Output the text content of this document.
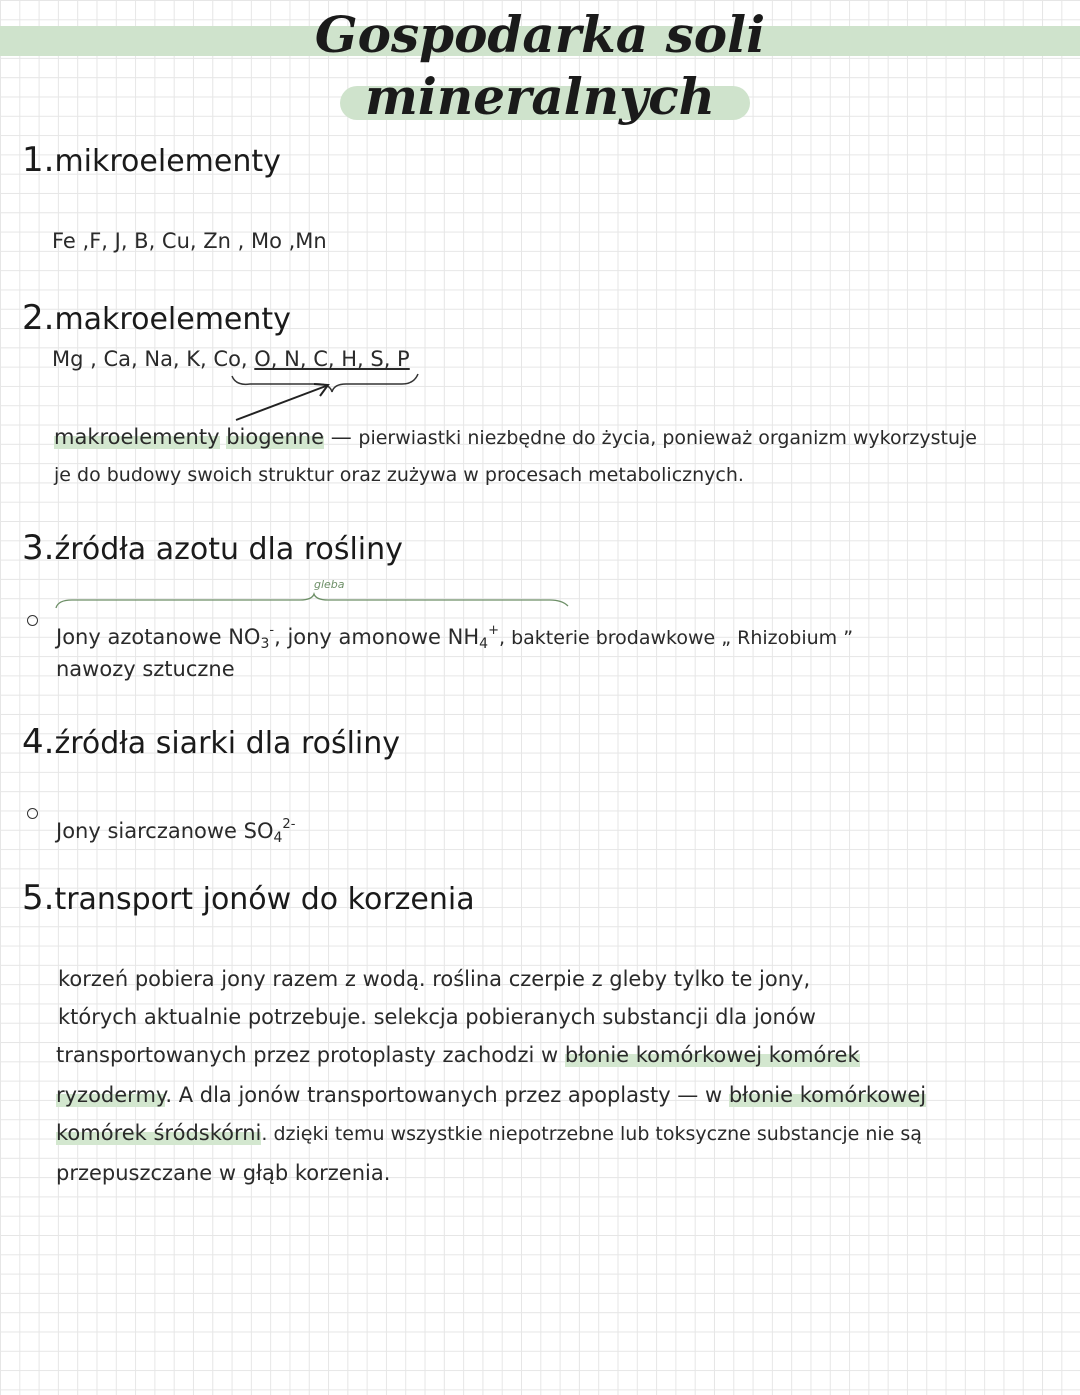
Gospodarka soli
mineralnych
1.mikroelementy
Fe ,F, J, B, Cu, Zn , Mo ,Mn
2.makroelementy
Mg , Ca, Na, K, Co, O, N, C, H, S, P
makroelementy biogenne — pierwiastki niezbędne do życia, ponieważ organizm wykorzystuje
je do budowy swoich struktur oraz zużywa w procesach metabolicznych.
3.źródła azotu dla rośliny
gleba
Jony azotanowe $NO_3^-$, jony amonowe $NH_4^+$, bakterie brodawkowe „ Rhizobium ”
nawozy sztuczne
4.źródła siarki dla rośliny
Jony siarczanowe $SO_4^{2-}$
5.transport jonów do korzenia
korzeń pobiera jony razem z wodą. roślina czerpie z gleby tylko te jony,
których aktualnie potrzebuje. selekcja pobieranych substancji dla jonów
transportowanych przez protoplasty zachodzi w błonie komórkowej komórek
ryzodermy. A dla jonów transportowanych przez apoplasty — w błonie komórkowej
komórek śródskórni. dzięki temu wszystkie niepotrzebne lub toksyczne substancje nie są
przepuszczane w głąb korzenia.
